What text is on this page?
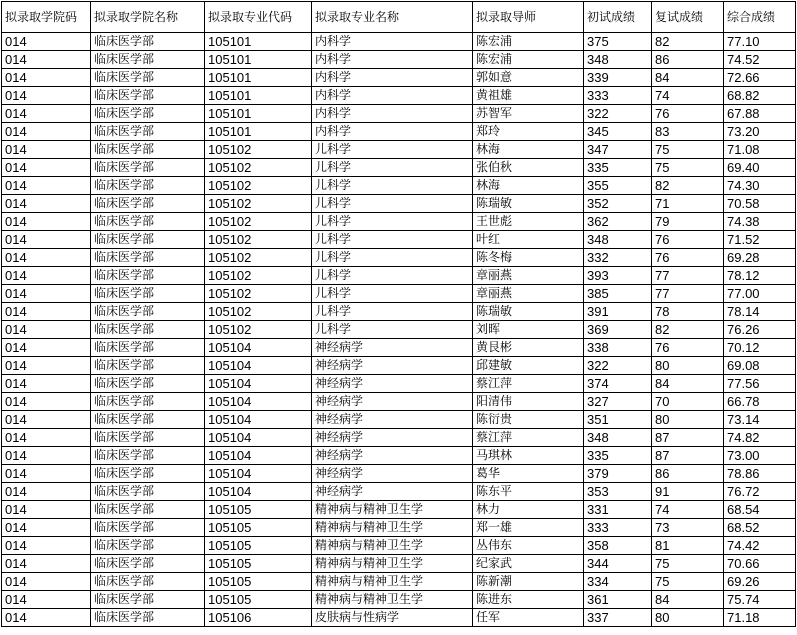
拟录取学院码	拟录取学院名称	拟录取专业代码	拟录取专业名称	拟录取导师	初试成绩	复试成绩	综合成绩
014	临床医学部	105101	内科学	陈宏浦	375	82	77.10
014	临床医学部	105101	内科学	陈宏浦	348	86	74.52
014	临床医学部	105101	内科学	郭如意	339	84	72.66
014	临床医学部	105101	内科学	黄祖雄	333	74	68.82
014	临床医学部	105101	内科学	苏智军	322	76	67.88
014	临床医学部	105101	内科学	郑玲	345	83	73.20
014	临床医学部	105102	儿科学	林海	347	75	71.08
014	临床医学部	105102	儿科学	张伯秋	335	75	69.40
014	临床医学部	105102	儿科学	林海	355	82	74.30
014	临床医学部	105102	儿科学	陈瑞敏	352	71	70.58
014	临床医学部	105102	儿科学	王世彪	362	79	74.38
014	临床医学部	105102	儿科学	叶红	348	76	71.52
014	临床医学部	105102	儿科学	陈冬梅	332	76	69.28
014	临床医学部	105102	儿科学	章丽燕	393	77	78.12
014	临床医学部	105102	儿科学	章丽燕	385	77	77.00
014	临床医学部	105102	儿科学	陈瑞敏	391	78	78.14
014	临床医学部	105102	儿科学	刘晖	369	82	76.26
014	临床医学部	105104	神经病学	黄艮彬	338	76	70.12
014	临床医学部	105104	神经病学	邱建敏	322	80	69.08
014	临床医学部	105104	神经病学	蔡江萍	374	84	77.56
014	临床医学部	105104	神经病学	阳清伟	327	70	66.78
014	临床医学部	105104	神经病学	陈衍贵	351	80	73.14
014	临床医学部	105104	神经病学	蔡江萍	348	87	74.82
014	临床医学部	105104	神经病学	马琪林	335	87	73.00
014	临床医学部	105104	神经病学	葛华	379	86	78.86
014	临床医学部	105104	神经病学	陈东平	353	91	76.72
014	临床医学部	105105	精神病与精神卫生学	林力	331	74	68.54
014	临床医学部	105105	精神病与精神卫生学	郑一雄	333	73	68.52
014	临床医学部	105105	精神病与精神卫生学	丛伟东	358	81	74.42
014	临床医学部	105105	精神病与精神卫生学	纪家武	344	75	70.66
014	临床医学部	105105	精神病与精神卫生学	陈新潮	334	75	69.26
014	临床医学部	105105	精神病与精神卫生学	陈进东	361	84	75.74
014	临床医学部	105106	皮肤病与性病学	任军	337	80	71.18
